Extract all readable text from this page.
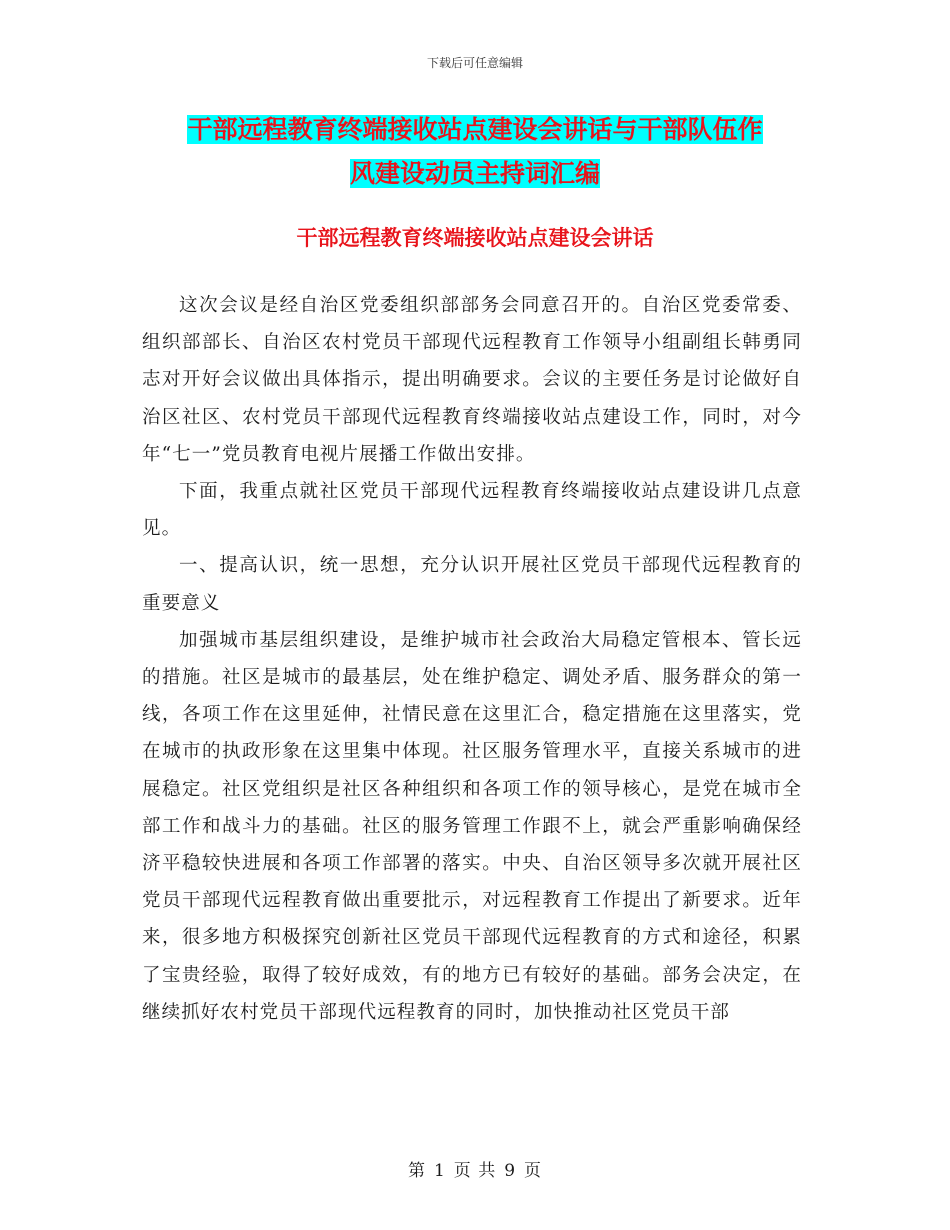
下载后可任意编辑
干部远程教育终端接收站点建设会讲话与干部队伍作
风建设动员主持词汇编
干部远程教育终端接收站点建设会讲话

这次会议是经自治区党委组织部部务会同意召开的。自治区党委常委、组织部部长、自治区农村党员干部现代远程教育工作领导小组副组长韩勇同志对开好会议做出具体指示，提出明确要求。会议的主要任务是讨论做好自治区社区、农村党员干部现代远程教育终端接收站点建设工作，同时，对今年“七一”党员教育电视片展播工作做出安排。

下面，我重点就社区党员干部现代远程教育终端接收站点建设讲几点意见。

一、提高认识，统一思想，充分认识开展社区党员干部现代远程教育的重要意义

加强城市基层组织建设，是维护城市社会政治大局稳定管根本、管长远的措施。社区是城市的最基层，处在维护稳定、调处矛盾、服务群众的第一线，各项工作在这里延伸，社情民意在这里汇合，稳定措施在这里落实，党在城市的执政形象在这里集中体现。社区服务管理水平，直接关系城市的进展稳定。社区党组织是社区各种组织和各项工作的领导核心，是党在城市全部工作和战斗力的基础。社区的服务管理工作跟不上，就会严重影响确保经济平稳较快进展和各项工作部署的落实。中央、自治区领导多次就开展社区党员干部现代远程教育做出重要批示，对远程教育工作提出了新要求。近年来，很多地方积极探究创新社区党员干部现代远程教育的方式和途径，积累了宝贵经验，取得了较好成效，有的地方已有较好的基础。部务会决定，在继续抓好农村党员干部现代远程教育的同时，加快推动社区党员干部

第 1 页 共 9 页
